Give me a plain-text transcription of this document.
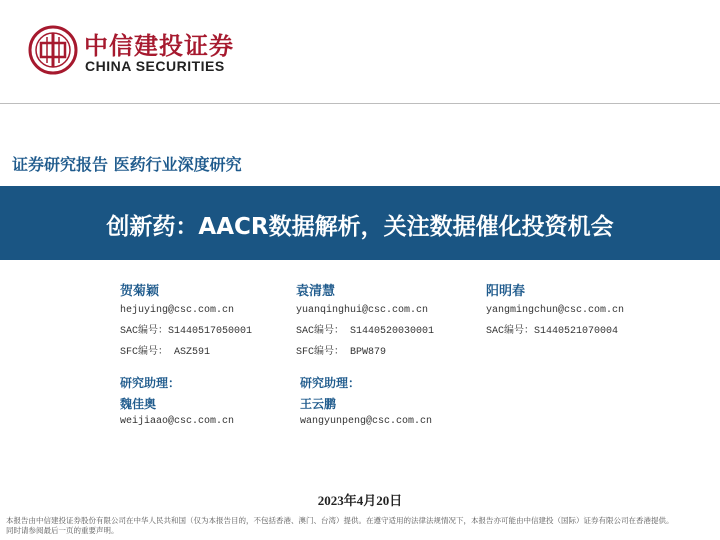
中信建投证券
CHINA SECURITIES
证券研究报告 医药行业深度研究
创新药：AACR数据解析，关注数据催化投资机会
贺菊颖
hejuying@csc.com.cn
SAC编号：S1440517050001
SFC编号： ASZ591
袁清慧
yuanqinghui@csc.com.cn
SAC编号： S1440520030001
SFC编号： BPW879
阳明春
yangmingchun@csc.com.cn
SAC编号：S1440521070004
研究助理：
魏佳奥
weijiaao@csc.com.cn
研究助理：
王云鹏
wangyunpeng@csc.com.cn
2023年4月20日
本报告由中信建投证券股份有限公司在中华人民共和国（仅为本报告目的，不包括香港、澳门、台湾）提供。在遵守适用的法律法规情况下，本报告亦可能由中信建投（国际）证券有限公司在香港提供。
同时请参阅最后一页的重要声明。
